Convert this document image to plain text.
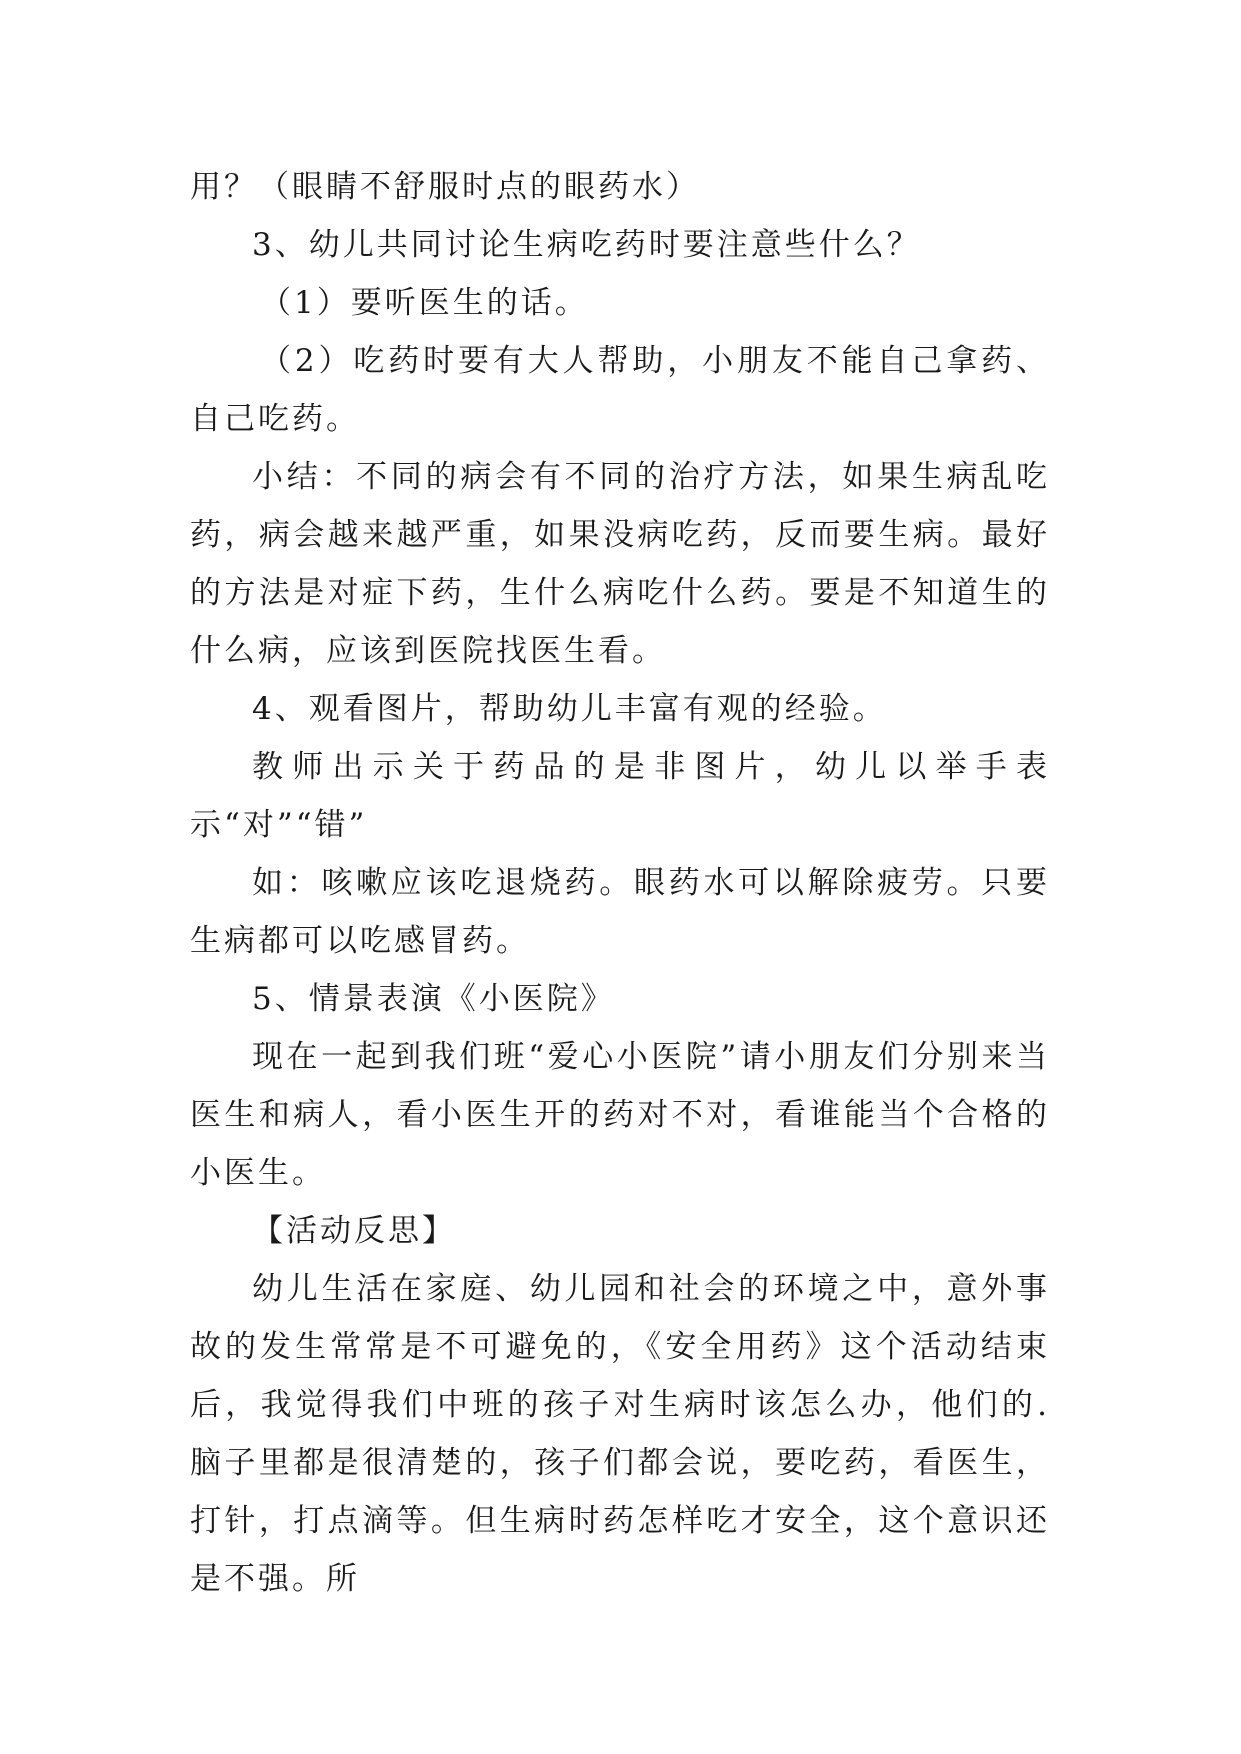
用？（眼睛不舒服时点的眼药水）

3、幼儿共同讨论生病吃药时要注意些什么？

（1）要听医生的话。

（2）吃药时要有大人帮助，小朋友不能自己拿药、自己吃药。

小结：不同的病会有不同的治疗方法，如果生病乱吃药，病会越来越严重，如果没病吃药，反而要生病。最好的方法是对症下药，生什么病吃什么药。要是不知道生的什么病，应该到医院找医生看。

4、观看图片，帮助幼儿丰富有观的经验。

教师出示关于药品的是非图片，幼儿以举手表示“对”“错”

如：咳嗽应该吃退烧药。眼药水可以解除疲劳。只要生病都可以吃感冒药。

5、情景表演《小医院》

现在一起到我们班“爱心小医院”请小朋友们分别来当医生和病人，看小医生开的药对不对，看谁能当个合格的小医生。

【活动反思】

幼儿生活在家庭、幼儿园和社会的环境之中，意外事故的发生常常是不可避免的，《安全用药》这个活动结束后，我觉得我们中班的孩子对生病时该怎么办，他们的.脑子里都是很清楚的，孩子们都会说，要吃药，看医生，打针，打点滴等。但生病时药怎样吃才安全，这个意识还是不强。所
